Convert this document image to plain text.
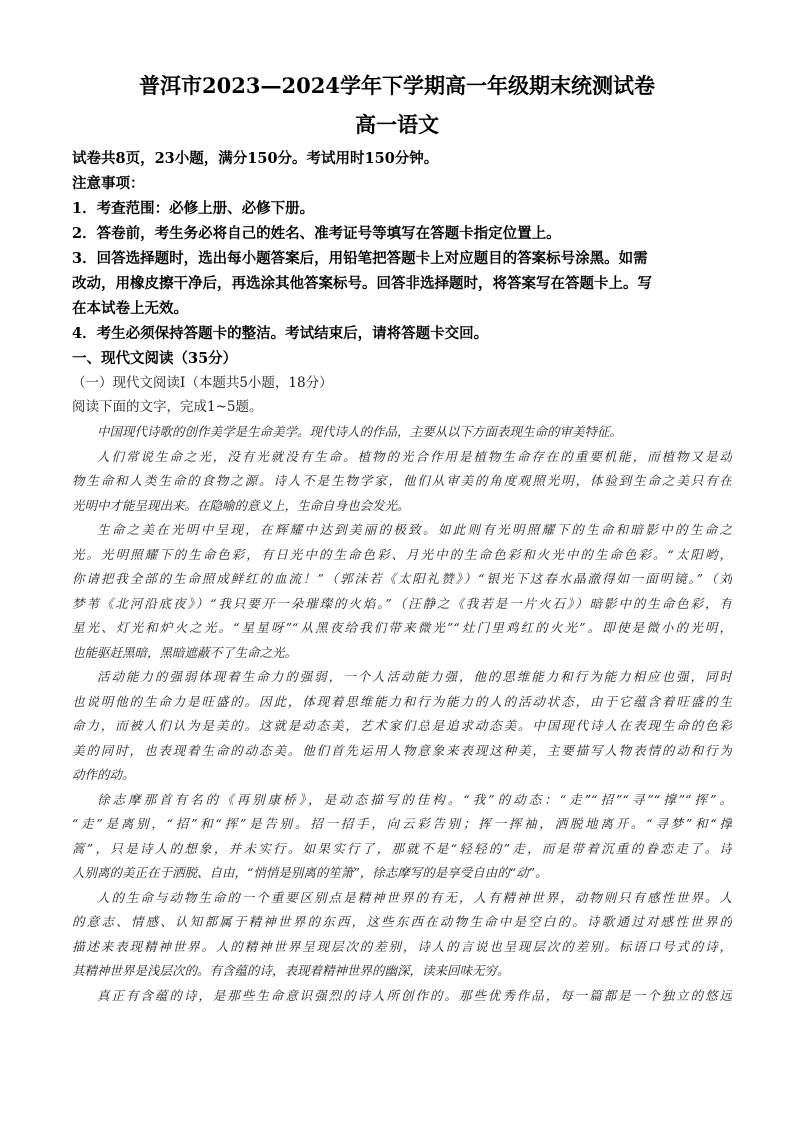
普洱市2023—2024学年下学期高一年级期末统测试卷
高一语文
试卷共8页，23小题，满分150分。考试用时150分钟。
注意事项：
1．考查范围：必修上册、必修下册。
2．答卷前，考生务必将自己的姓名、准考证号等填写在答题卡指定位置上。
3．回答选择题时，选出每小题答案后，用铅笔把答题卡上对应题目的答案标号涂黑。如需
改动，用橡皮擦干净后，再选涂其他答案标号。回答非选择题时，将答案写在答题卡上。写
在本试卷上无效。
4．考生必须保持答题卡的整洁。考试结束后，请将答题卡交回。
一、现代文阅读（35分）
（一）现代文阅读Ⅰ（本题共5小题，18分）
阅读下面的文字，完成1~5题。
中国现代诗歌的创作美学是生命美学。现代诗人的作品，主要从以下方面表现生命的审美特征。
人们常说生命之光，没有光就没有生命。植物的光合作用是植物生命存在的重要机能，而植物又是动
物生命和人类生命的食物之源。诗人不是生物学家，他们从审美的角度观照光明，体验到生命之美只有在
光明中才能呈现出来。在隐喻的意义上，生命自身也会发光。
生命之美在光明中呈现，在辉耀中达到美丽的极致。如此则有光明照耀下的生命和暗影中的生命之
光。光明照耀下的生命色彩，有日光中的生命色彩、月光中的生命色彩和火光中的生命色彩。“太阳哟，
你请把我全部的生命照成鲜红的血流！”（郭沫若《太阳礼赞》）“银光下这春水晶澈得如一面明镜。”（刘
梦苇《北河沿底夜》）“我只要开一朵璀璨的火焰。”（汪静之《我若是一片火石》）暗影中的生命色彩，有
星光、灯光和炉火之光。“星星呀”“从黑夜给我们带来微光”“灶门里鸡红的火光”。即使是微小的光明，
也能驱赶黑暗，黑暗遮蔽不了生命之光。
活动能力的强弱体现着生命力的强弱，一个人活动能力强，他的思维能力和行为能力相应也强，同时
也说明他的生命力是旺盛的。因此，体现着思维能力和行为能力的人的活动状态，由于它蕴含着旺盛的生
命力，而被人们认为是美的。这就是动态美，艺术家们总是追求动态美。中国现代诗人在表现生命的色彩
美的同时，也表现着生命的动态美。他们首先运用人物意象来表现这种美，主要描写人物表情的动和行为
动作的动。
徐志摩那首有名的《再别康桥》，是动态描写的佳构。“我”的动态：“走”“招”“寻”“撑”“挥”。
“走”是离别，“招”和“挥”是告别。招一招手，向云彩告别；挥一挥袖，洒脱地离开。“寻梦”和“撑
篙”，只是诗人的想象，并未实行。如果实行了，那就不是“轻轻的”走，而是带着沉重的眷恋走了。诗
人别离的美正在于洒脱、自由，“悄悄是别离的笙箫”，徐志摩写的是享受自由的“动”。
人的生命与动物生命的一个重要区别点是精神世界的有无，人有精神世界，动物则只有感性世界。人
的意志、情感、认知都属于精神世界的东西，这些东西在动物生命中是空白的。诗歌通过对感性世界的
描述来表现精神世界。人的精神世界呈现层次的差别，诗人的言说也呈现层次的差别。标语口号式的诗，
其精神世界是浅层次的。有含蕴的诗，表现着精神世界的幽深，读来回味无穷。
真正有含蕴的诗，是那些生命意识强烈的诗人所创作的。那些优秀作品，每一篇都是一个独立的悠远
